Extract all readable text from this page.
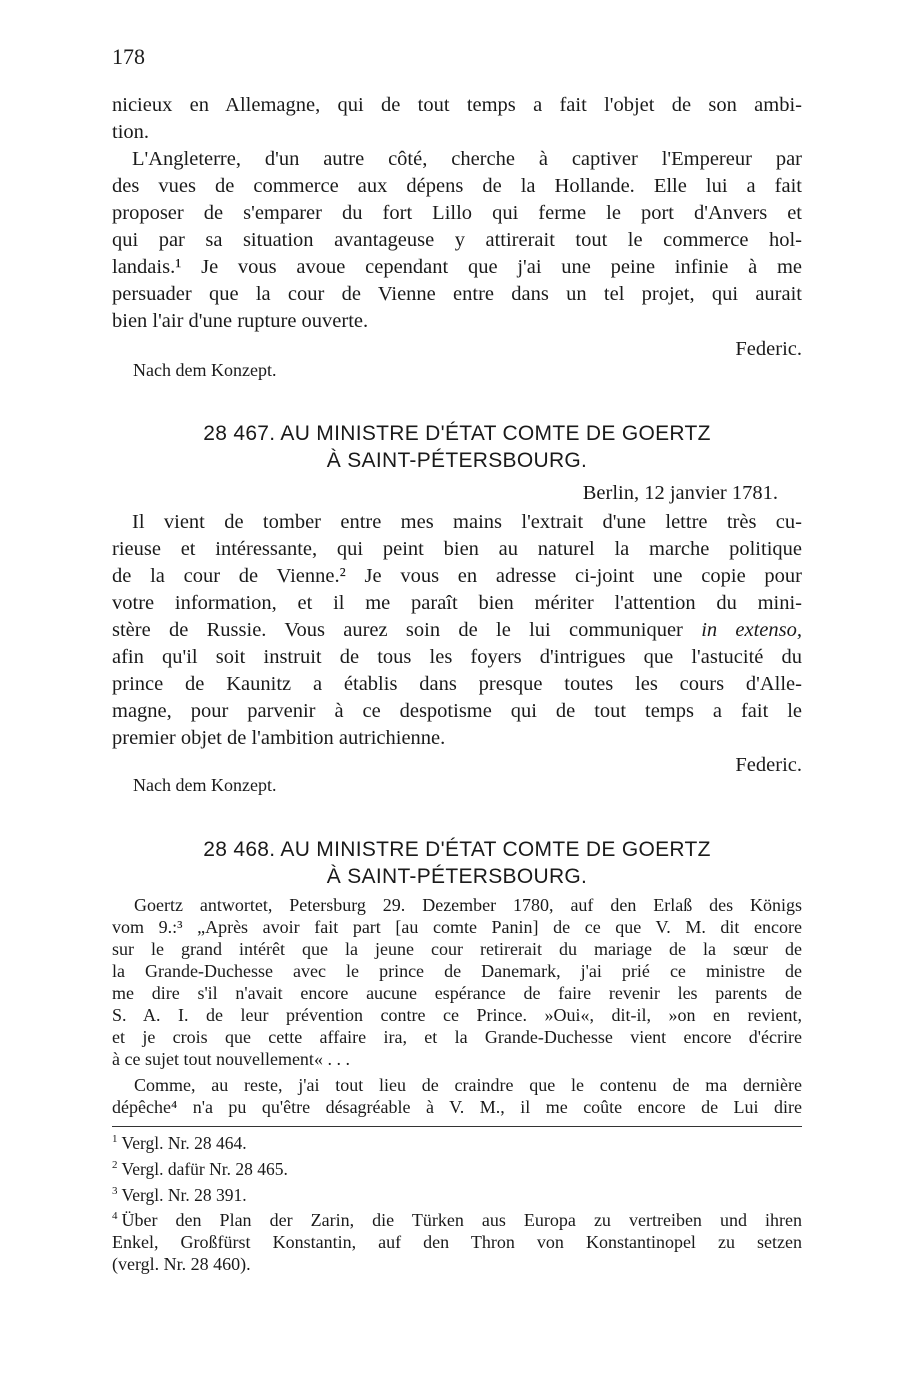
178

nicieux en Allemagne, qui de tout temps a fait l'objet de son ambi-
tion.

L'Angleterre, d'un autre côté, cherche à captiver l'Empereur par
des vues de commerce aux dépens de la Hollande. Elle lui a fait
proposer de s'emparer du fort Lillo qui ferme le port d'Anvers et
qui par sa situation avantageuse y attirerait tout le commerce hol-
landais.¹ Je vous avoue cependant que j'ai une peine infinie à me
persuader que la cour de Vienne entre dans un tel projet, qui aurait
bien l'air d'une rupture ouverte.

Federic.
Nach dem Konzept.
28 467. AU MINISTRE D'ÉTAT COMTE DE GOERTZ
À SAINT-PÉTERSBOURG.
Berlin, 12 janvier 1781.

Il vient de tomber entre mes mains l'extrait d'une lettre très cu-
rieuse et intéressante, qui peint bien au naturel la marche politique
de la cour de Vienne.² Je vous en adresse ci-joint une copie pour
votre information, et il me paraît bien mériter l'attention du mini-
stère de Russie. Vous aurez soin de le lui communiquer in extenso,
afin qu'il soit instruit de tous les foyers d'intrigues que l'astucité du
prince de Kaunitz a établis dans presque toutes les cours d'Alle-
magne, pour parvenir à ce despotisme qui de tout temps a fait le
premier objet de l'ambition autrichienne.

Federic.
Nach dem Konzept.
28 468. AU MINISTRE D'ÉTAT COMTE DE GOERTZ
À SAINT-PÉTERSBOURG.

Goertz antwortet, Petersburg 29. Dezember 1780, auf den Erlaß des Königs
vom 9.:³ „Après avoir fait part [au comte Panin] de ce que V. M. dit encore
sur le grand intérêt que la jeune cour retirerait du mariage de la sœur de
la Grande-Duchesse avec le prince de Danemark, j'ai prié ce ministre de
me dire s'il n'avait encore aucune espérance de faire revenir les parents de
S. A. I. de leur prévention contre ce Prince. »Oui«, dit-il, »on en revient,
et je crois que cette affaire ira, et la Grande-Duchesse vient encore d'écrire
à ce sujet tout nouvellement« . . .

Comme, au reste, j'ai tout lieu de craindre que le contenu de ma dernière
dépêche⁴ n'a pu qu'être désagréable à V. M., il me coûte encore de Lui dire

$^1$ Vergl. Nr. 28 464.
$^2$ Vergl. dafür Nr. 28 465.
$^3$ Vergl. Nr. 28 391.
$^4$ Über den Plan der Zarin, die Türken aus Europa zu vertreiben und ihren
Enkel, Großfürst Konstantin, auf den Thron von Konstantinopel zu setzen
(vergl. Nr. 28 460).
